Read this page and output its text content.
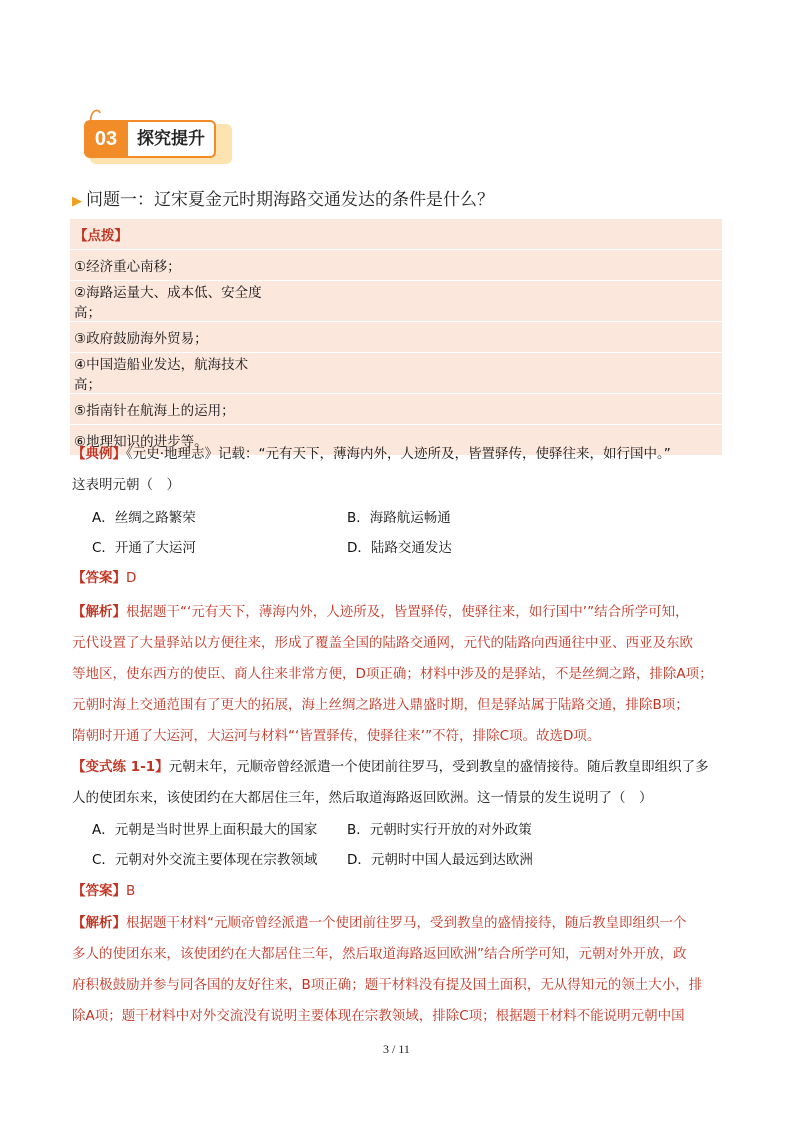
03	探究提升
▶ 问题一：辽宋夏金元时期海路交通发达的条件是什么？
【点拨】	
①经济重心南移；	
②海路运量大、成本低、安全度高；	
③政府鼓励海外贸易；	
④中国造船业发达，航海技术高；	
⑤指南针在航海上的运用；	
⑥地理知识的进步等。	
【典例】《元史·地理志》记载：“元有天下，薄海内外，人迹所及，皆置驿传，使驿往来，如行国中。”
这表明元朝（　）
A．丝绸之路繁荣	B．海路航运畅通
C．开通了大运河	D．陆路交通发达
【答案】D
【解析】根据题干“‘元有天下，薄海内外，人迹所及，皆置驿传，使驿往来，如行国中’”结合所学可知，
元代设置了大量驿站以方便往来，形成了覆盖全国的陆路交通网，元代的陆路向西通往中亚、西亚及东欧
等地区，使东西方的使臣、商人往来非常方便，D项正确；材料中涉及的是驿站，不是丝绸之路，排除A项；
元朝时海上交通范围有了更大的拓展，海上丝绸之路进入鼎盛时期，但是驿站属于陆路交通，排除B项；
隋朝时开通了大运河，大运河与材料“‘皆置驿传，使驿往来’”不符，排除C项。故选D项。
【变式练 1-1】元朝末年，元顺帝曾经派遣一个使团前往罗马，受到教皇的盛情接待。随后教皇即组织了多
人的使团东来，该使团约在大都居住三年，然后取道海路返回欧洲。这一情景的发生说明了（　）
A．元朝是当时世界上面积最大的国家 B．元朝时实行开放的对外政策
C．元朝对外交流主要体现在宗教领域 D．元朝时中国人最远到达欧洲
【答案】B
【解析】根据题干材料“元顺帝曾经派遣一个使团前往罗马，受到教皇的盛情接待，随后教皇即组织一个
多人的使团东来，该使团约在大都居住三年，然后取道海路返回欧洲”结合所学可知，元朝对外开放，政
府积极鼓励并参与同各国的友好往来，B项正确；题干材料没有提及国土面积，无从得知元的领土大小，排
除A项；题干材料中对外交流没有说明主要体现在宗教领域，排除C项；根据题干材料不能说明元朝中国
3 / 11
